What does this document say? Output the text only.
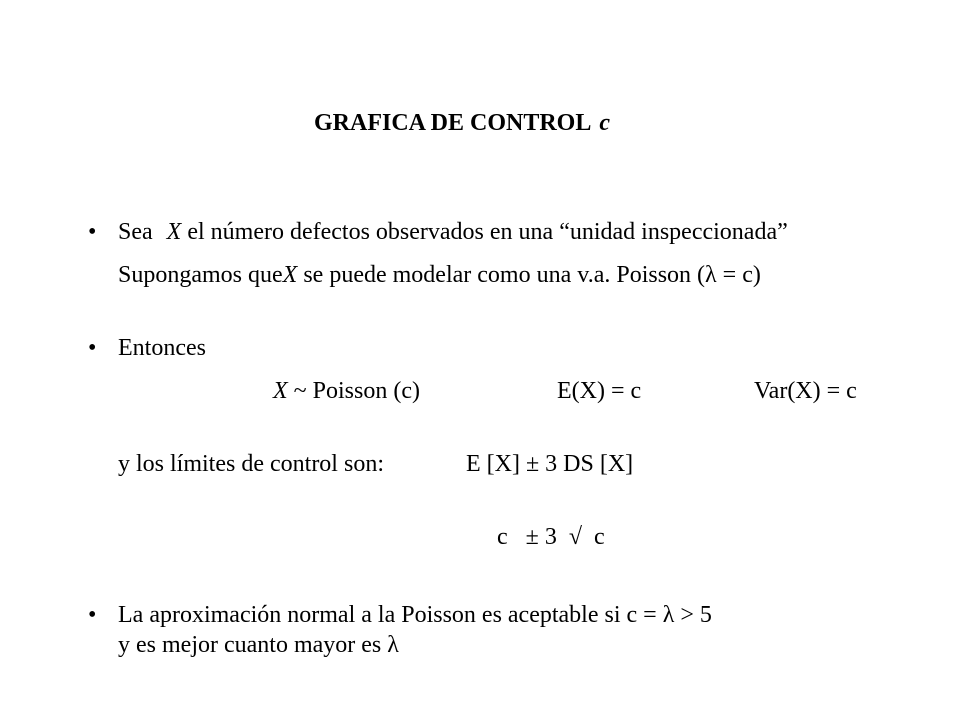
GRAFICA DE CONTROL c
• Sea X el número defectos observados en una “unidad inspeccionada”
Supongamos queX se puede modelar como una v.a. Poisson (λ = c)
• Entonces
X ~ Poisson (c)	E(X) = c	Var(X) = c
y los límites de control son:	E [X] ± 3 DS [X]
c   ± 3  √  c
• La aproximación normal a la Poisson es aceptable si c = λ > 5
y es mejor cuanto mayor es λ
